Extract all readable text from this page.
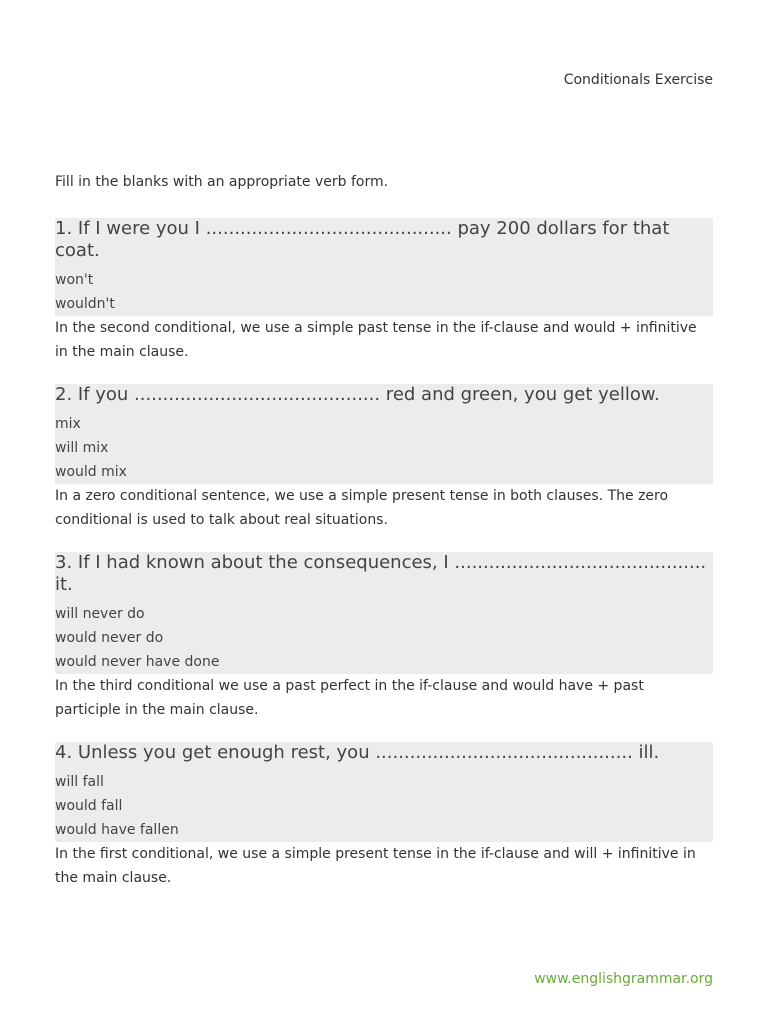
Conditionals Exercise
Fill in the blanks with an appropriate verb form.
1. If I were you I ........................................... pay 200 dollars for that coat.
won't
wouldn't
In the second conditional, we use a simple past tense in the if-clause and would + infinitive in the main clause.
2. If you ........................................... red and green, you get yellow.
mix
will mix
would mix
In a zero conditional sentence, we use a simple present tense in both clauses. The zero conditional is used to talk about real situations.
3. If I had known about the consequences, I ............................................ it.
will never do
would never do
would never have done
In the third conditional we use a past perfect in the if-clause and would have + past participle in the main clause.
4. Unless you get enough rest, you ............................................. ill.
will fall
would fall
would have fallen
In the first conditional, we use a simple present tense in the if-clause and will + infinitive in the main clause.
www.englishgrammar.org
